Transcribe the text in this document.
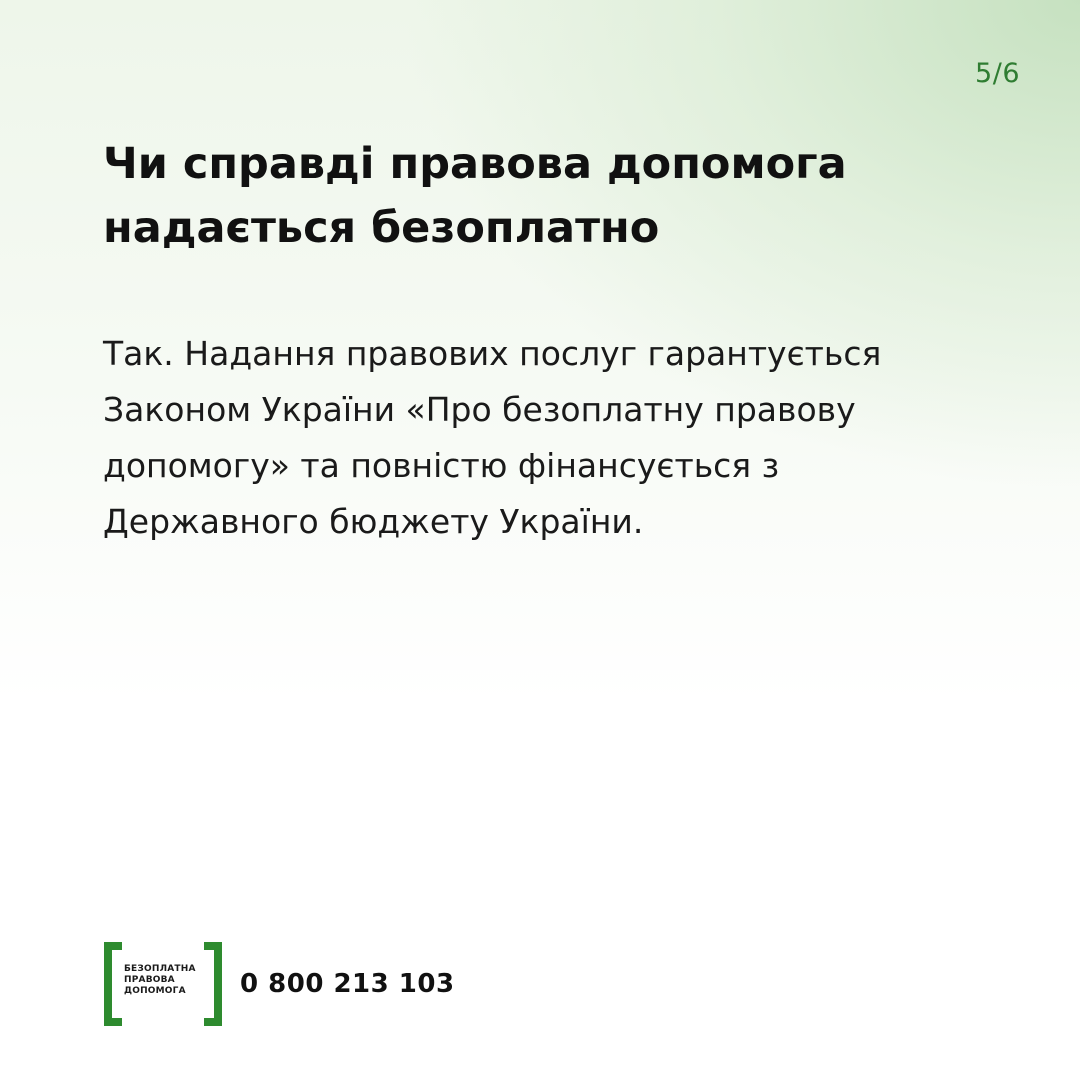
5/6
Чи справді правова допомога надається безоплатно

Так. Надання правових послуг гарантується Законом України «Про безоплатну правову допомогу» та повністю фінансується з Державного бюджету України.

БЕЗОПЛАТНА
ПРАВОВА
ДОПОМОГА	0 800 213 103
